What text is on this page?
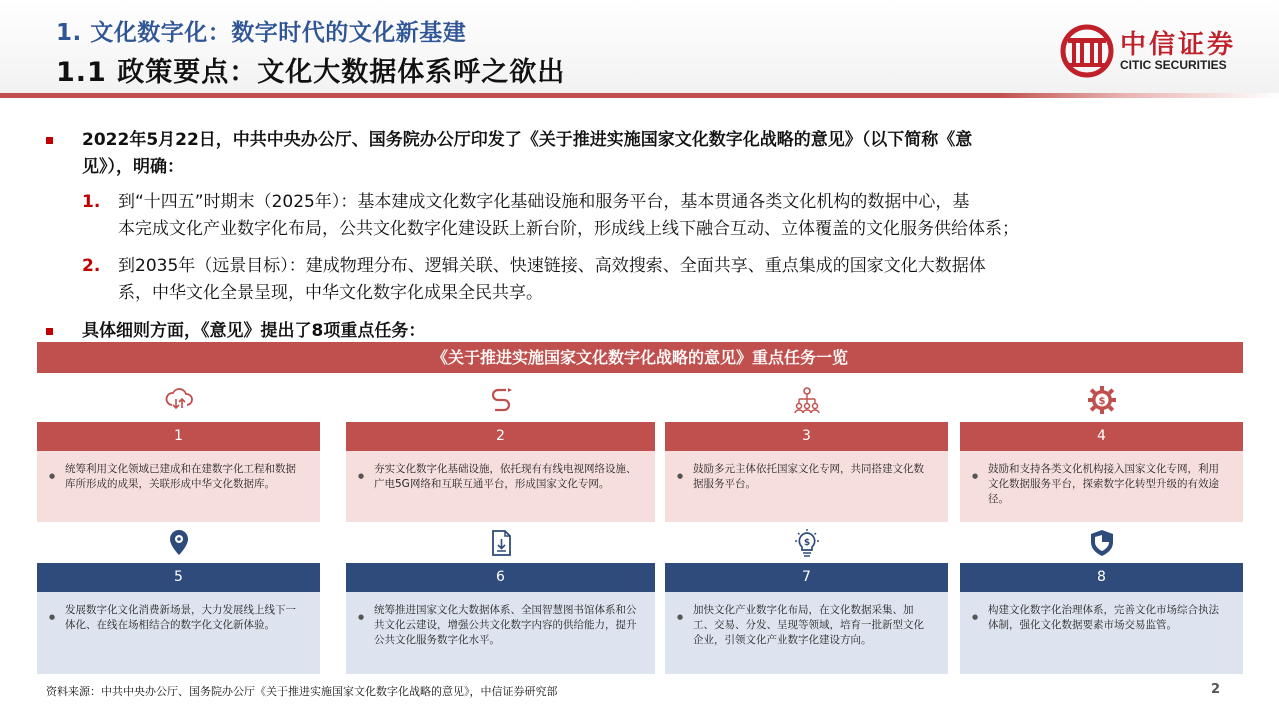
1. 文化数字化：数字时代的文化新基建
1.1 政策要点：文化大数据体系呼之欲出
中信证券
CITIC SECURITIES
2022年5月22日，中共中央办公厅、国务院办公厅印发了《关于推进实施国家文化数字化战略的意见》（以下简称《意
见》），明确：
1. 到“十四五”时期末（2025年）：基本建成文化数字化基础设施和服务平台，基本贯通各类文化机构的数据中心，基
本完成文化产业数字化布局，公共文化数字化建设跃上新台阶，形成线上线下融合互动、立体覆盖的文化服务供给体系；
2. 到2035年（远景目标）：建成物理分布、逻辑关联、快速链接、高效搜索、全面共享、重点集成的国家文化大数据体
系，中华文化全景呈现，中华文化数字化成果全民共享。
具体细则方面，《意见》提出了8项重点任务：
《关于推进实施国家文化数字化战略的意见》重点任务一览
1
●
统筹利用文化领域已建成和在建数字化工程和数据库所形成的成果，关联形成中华文化数据库。
2
●
夯实文化数字化基础设施，依托现有有线电视网络设施、广电5G网络和互联互通平台，形成国家文化专网。
3
●
鼓励多元主体依托国家文化专网，共同搭建文化数据服务平台。
$
4
●
鼓励和支持各类文化机构接入国家文化专网，利用文化数据服务平台，探索数字化转型升级的有效途径。
5
●
发展数字化文化消费新场景，大力发展线上线下一体化、在线在场相结合的数字化文化新体验。
6
●
统筹推进国家文化大数据体系、全国智慧图书馆体系和公共文化云建设，增强公共文化数字内容的供给能力，提升公共文化服务数字化水平。
$
7
●
加快文化产业数字化布局，在文化数据采集、加工、交易、分发、呈现等领域，培育一批新型文化企业，引领文化产业数字化建设方向。
8
●
构建文化数字化治理体系，完善文化市场综合执法体制，强化文化数据要素市场交易监管。
资料来源：中共中央办公厅、国务院办公厅《关于推进实施国家文化数字化战略的意见》，中信证券研究部	2
